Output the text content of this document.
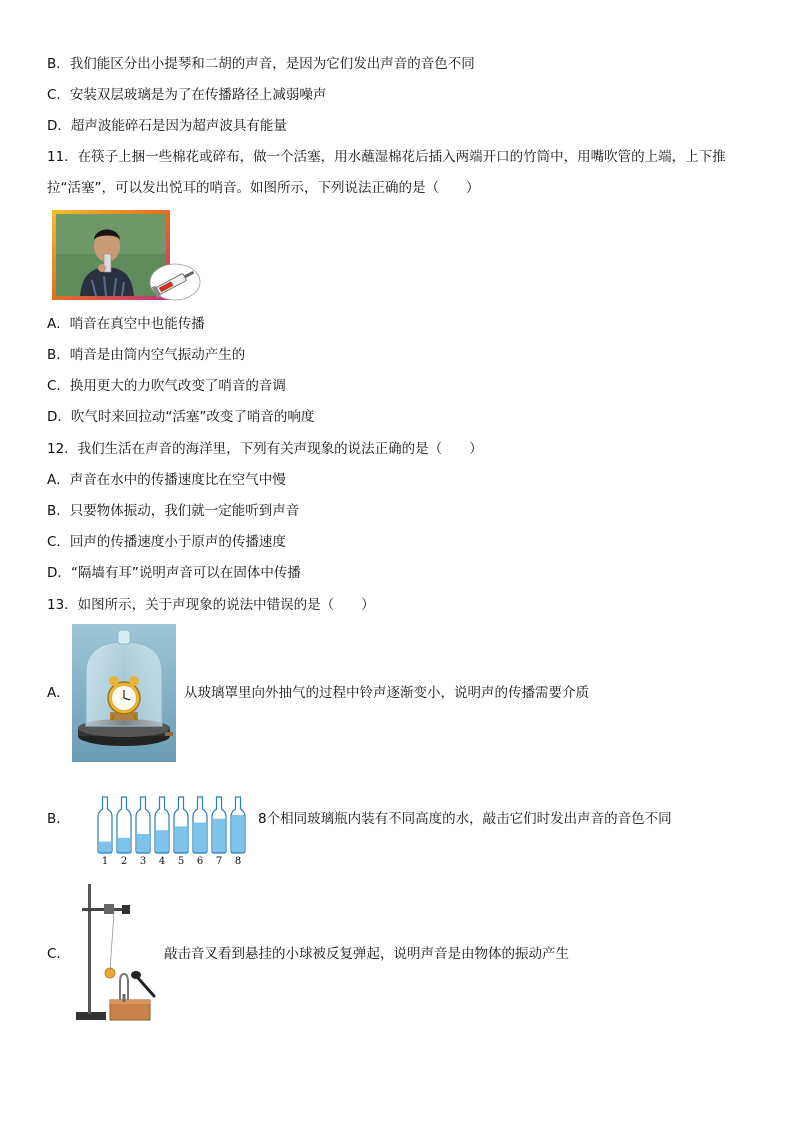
B．我们能区分出小提琴和二胡的声音，是因为它们发出声音的音色不同
C．安装双层玻璃是为了在传播路径上减弱噪声
D．超声波能碎石是因为超声波具有能量
11．在筷子上捆一些棉花或碎布，做一个活塞，用水蘸湿棉花后插入两端开口的竹筒中，用嘴吹管的上端，上下推
拉“活塞”，可以发出悦耳的哨音。如图所示，下列说法正确的是（　　）
A．哨音在真空中也能传播
B．哨音是由筒内空气振动产生的
C．换用更大的力吹气改变了哨音的音调
D．吹气时来回拉动“活塞”改变了哨音的响度
12．我们生活在声音的海洋里，下列有关声现象的说法正确的是（　　）
A．声音在水中的传播速度比在空气中慢
B．只要物体振动，我们就一定能听到声音
C．回声的传播速度小于原声的传播速度
D．“隔墙有耳”说明声音可以在固体中传播
13．如图所示，关于声现象的说法中错误的是（　　）
A．	从玻璃罩里向外抽气的过程中铃声逐渐变小，说明声的传播需要介质
B．
1 2 3 4 5 6 7 8
8个相同玻璃瓶内装有不同高度的水，敲击它们时发出声音的音色不同
C．	敲击音叉看到悬挂的小球被反复弹起，说明声音是由物体的振动产生
